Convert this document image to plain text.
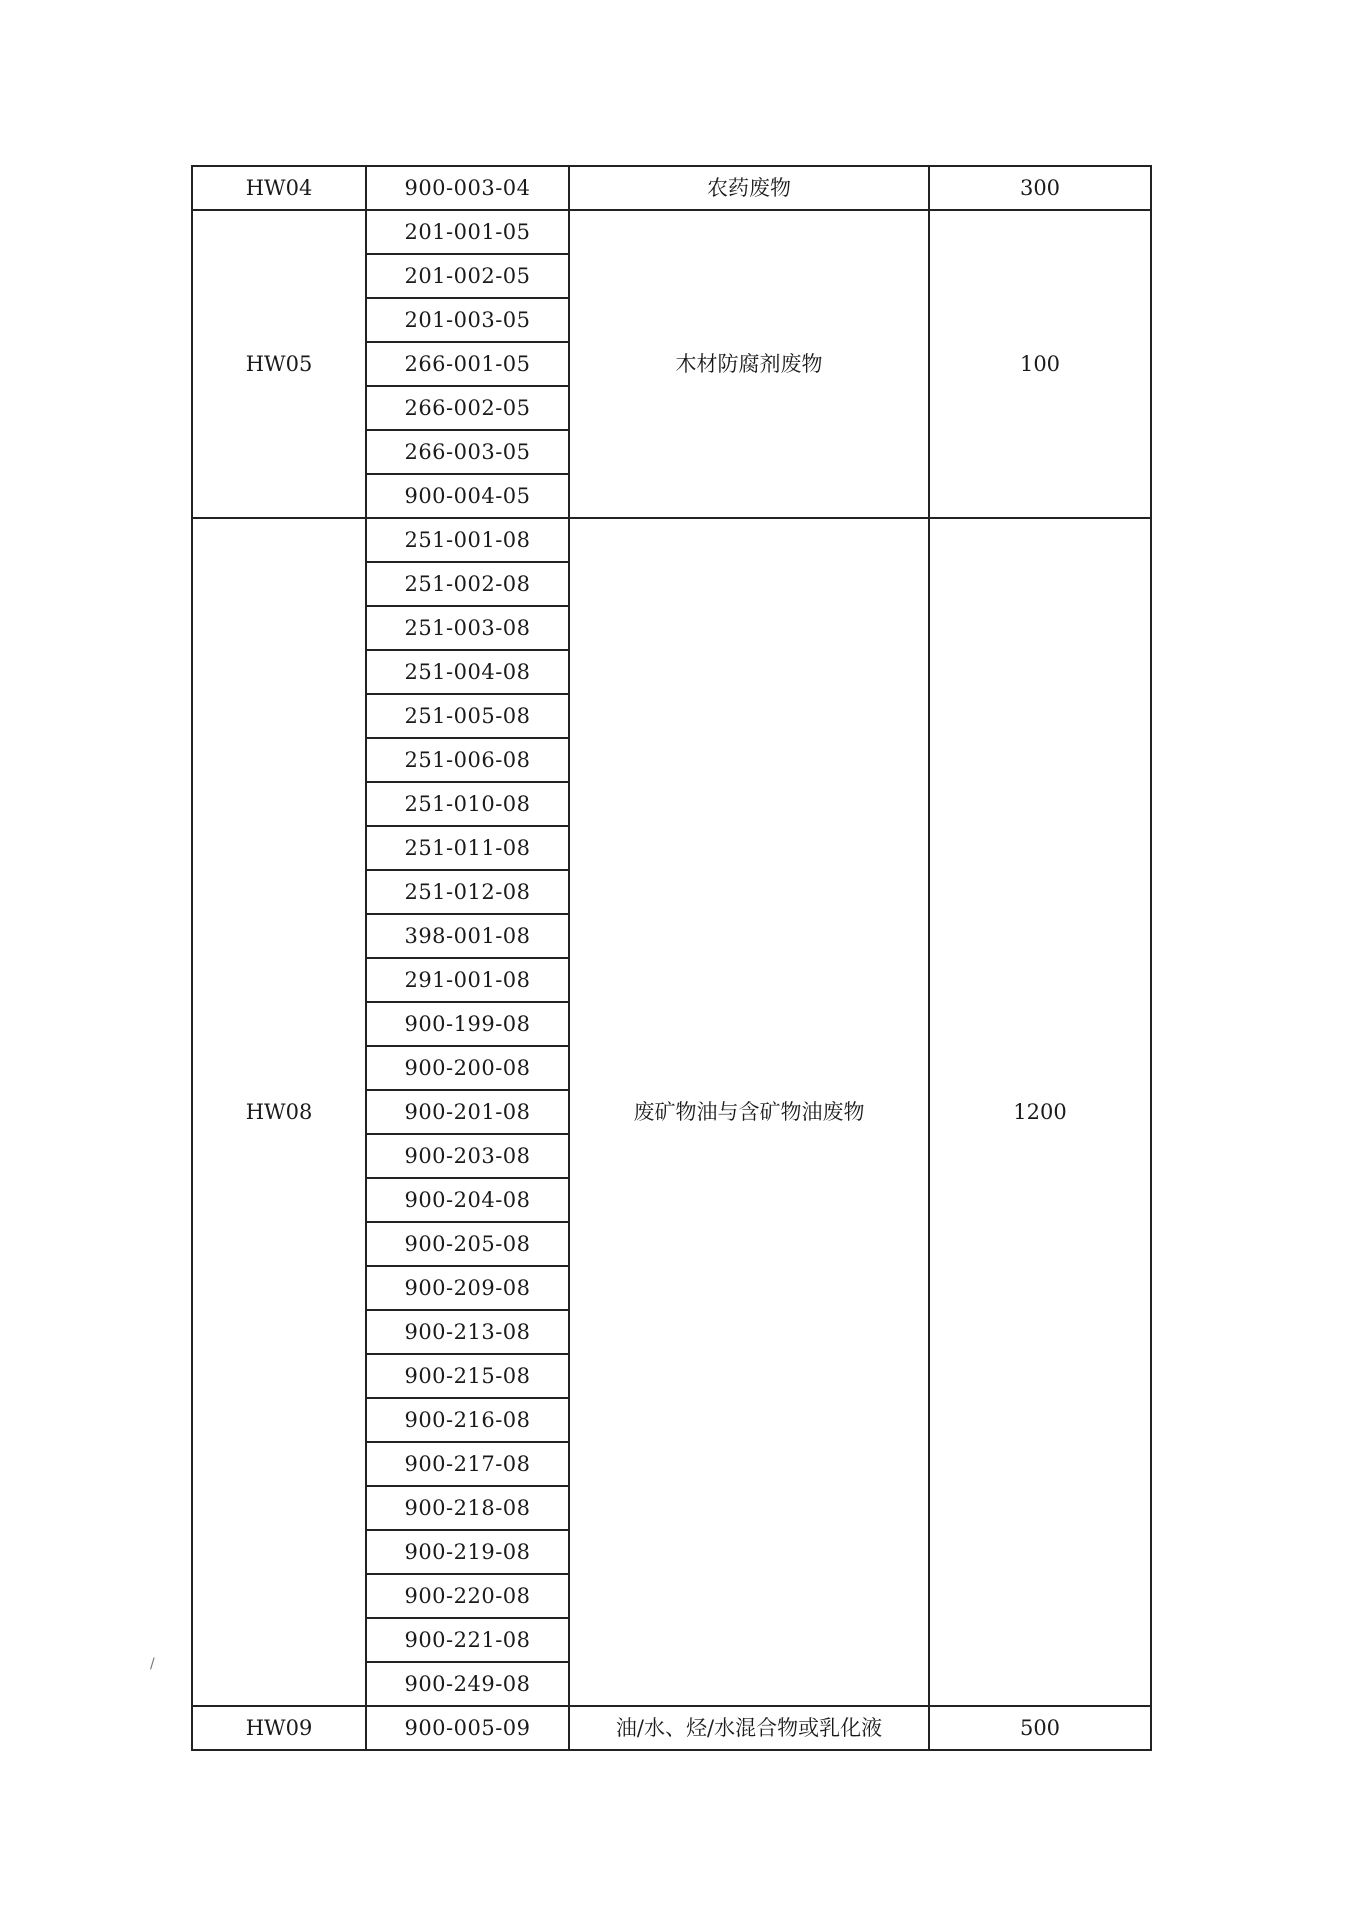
HW04	900-003-04	农药废物	300
HW05	201-001-05	木材防腐剂废物	100
	201-002-05		
	201-003-05		
	266-001-05		
	266-002-05		
	266-003-05		
	900-004-05		
HW08	251-001-08	废矿物油与含矿物油废物	1200
	251-002-08		
	251-003-08		
	251-004-08		
	251-005-08		
	251-006-08		
	251-010-08		
	251-011-08		
	251-012-08		
	398-001-08		
	291-001-08		
	900-199-08		
	900-200-08		
	900-201-08		
	900-203-08		
	900-204-08		
	900-205-08		
	900-209-08		
	900-213-08		
	900-215-08		
	900-216-08		
	900-217-08		
	900-218-08		
	900-219-08		
	900-220-08		
	900-221-08		
	900-249-08		
HW09	900-005-09	油/水、烃/水混合物或乳化液	500
/
